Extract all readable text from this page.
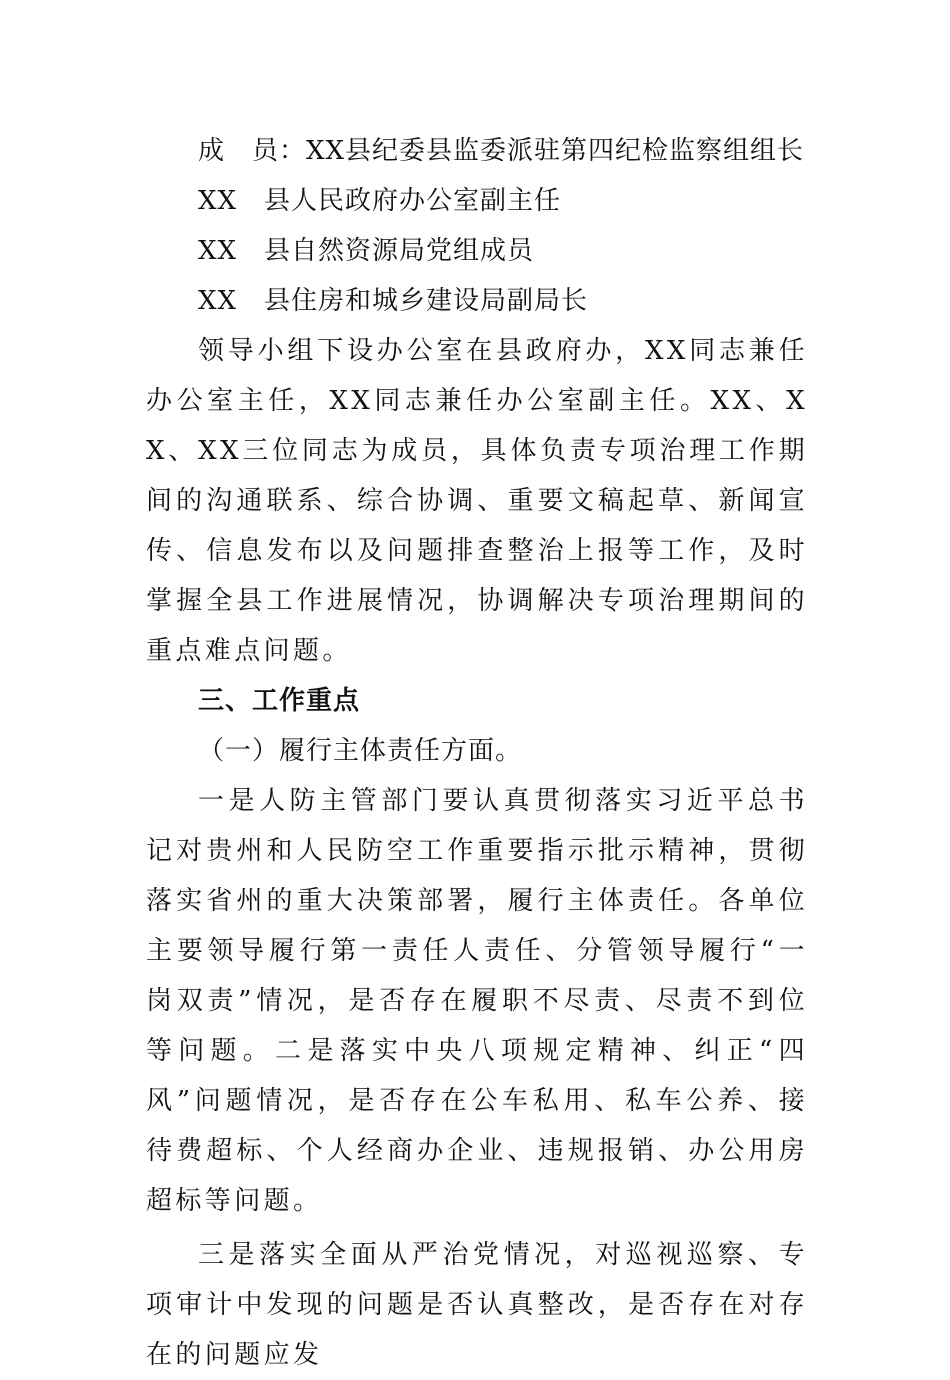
成　员：XX县纪委县监委派驻第四纪检监察组组长
XX　县人民政府办公室副主任
XX　县自然资源局党组成员
XX　县住房和城乡建设局副局长
领导小组下设办公室在县政府办，XX同志兼任办公室主任，XX同志兼任办公室副主任。XX、XX、XX三位同志为成员，具体负责专项治理工作期间的沟通联系、综合协调、重要文稿起草、新闻宣传、信息发布以及问题排查整治上报等工作，及时掌握全县工作进展情况，协调解决专项治理期间的重点难点问题。
三、工作重点
（一）履行主体责任方面。
一是人防主管部门要认真贯彻落实习近平总书记对贵州和人民防空工作重要指示批示精神，贯彻落实省州的重大决策部署，履行主体责任。各单位主要领导履行第一责任人责任、分管领导履行“一岗双责”情况，是否存在履职不尽责、尽责不到位等问题。二是落实中央八项规定精神、纠正“四风”问题情况，是否存在公车私用、私车公养、接待费超标、个人经商办企业、违规报销、办公用房超标等问题。
三是落实全面从严治党情况，对巡视巡察、专项审计中发现的问题是否认真整改，是否存在对存在的问题应发
